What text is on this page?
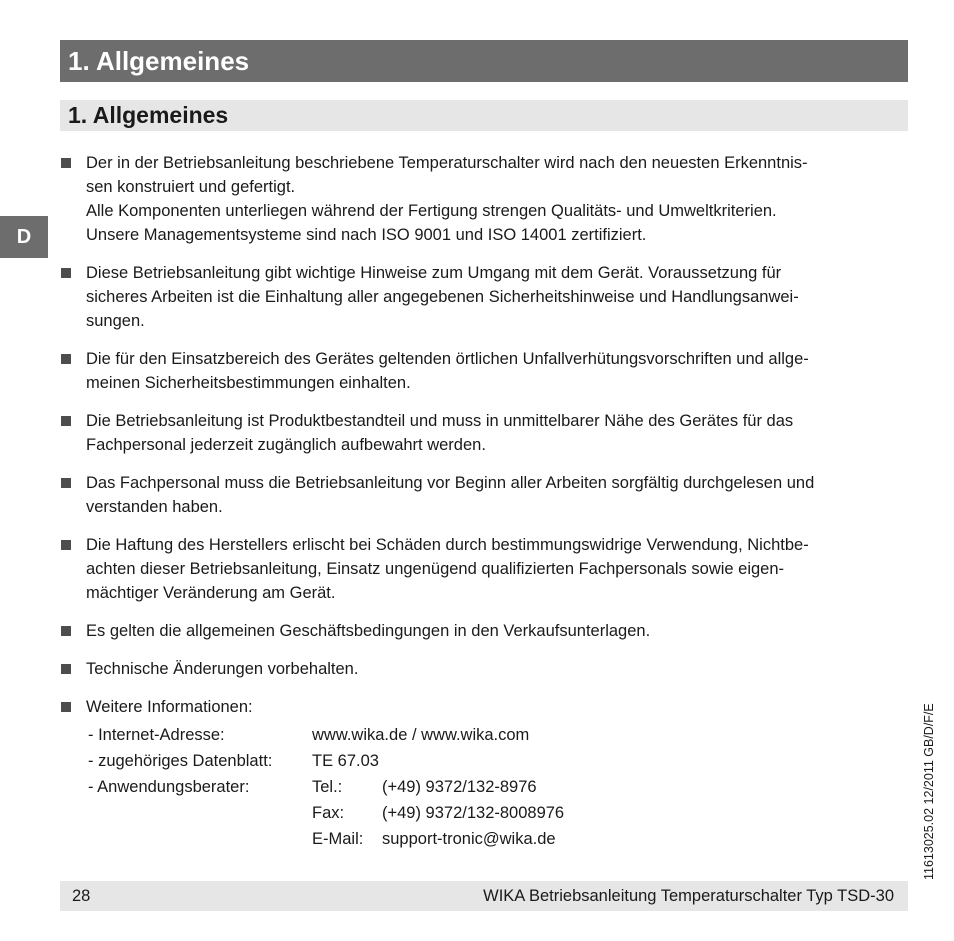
1. Allgemeines
1. Allgemeines
D
Der in der Betriebsanleitung beschriebene Temperaturschalter wird nach den neuesten Erkenntnis-
sen konstruiert und gefertigt.
Alle Komponenten unterliegen während der Fertigung strengen Qualitäts- und Umweltkriterien.
Unsere Managementsysteme sind nach ISO 9001 und ISO 14001 zertifiziert.
Diese Betriebsanleitung gibt wichtige Hinweise zum Umgang mit dem Gerät. Voraussetzung für
sicheres Arbeiten ist die Einhaltung aller angegebenen Sicherheitshinweise und Handlungsanwei-
sungen.
Die für den Einsatzbereich des Gerätes geltenden örtlichen Unfallverhütungsvorschriften und allge-
meinen Sicherheitsbestimmungen einhalten.
Die Betriebsanleitung ist Produktbestandteil und muss in unmittelbarer Nähe des Gerätes für das
Fachpersonal jederzeit zugänglich aufbewahrt werden.
Das Fachpersonal muss die Betriebsanleitung vor Beginn aller Arbeiten sorgfältig durchgelesen und
verstanden haben.
Die Haftung des Herstellers erlischt bei Schäden durch bestimmungswidrige Verwendung, Nichtbe-
achten dieser Betriebsanleitung, Einsatz ungenügend qualifizierten Fachpersonals sowie eigen-
mächtiger Veränderung am Gerät.
Es gelten die allgemeinen Geschäftsbedingungen in den Verkaufsunterlagen.
Technische Änderungen vorbehalten.
Weitere Informationen:
- Internet-Adresse:	www.wika.de / www.wika.com	
- zugehöriges Datenblatt:	TE 67.03	
- Anwendungsberater:	Tel.:	(+49) 9372/132-8976
	Fax:	(+49) 9372/132-8008976
	E-Mail:	support-tronic@wika.de
28	WIKA Betriebsanleitung Temperaturschalter Typ TSD-30
11613025.02 12/2011 GB/D/F/E
